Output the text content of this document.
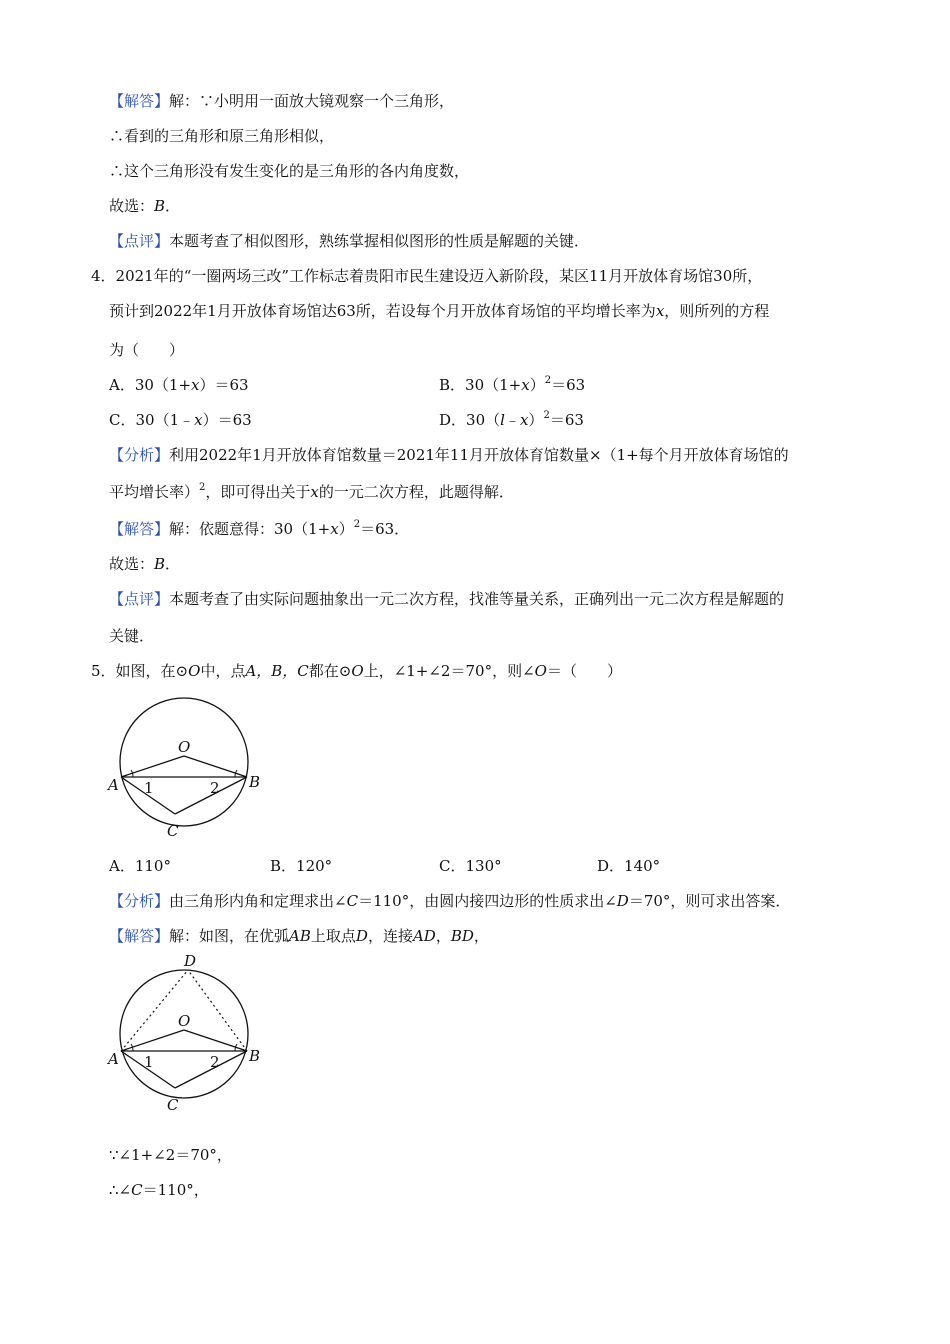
【解答】解：∵小明用一面放大镜观察一个三角形，
∴看到的三角形和原三角形相似，
∴这个三角形没有发生变化的是三角形的各内角度数，
故选：B．
【点评】本题考查了相似图形，熟练掌握相似图形的性质是解题的关键．
4．2021年的“一圈两场三改”工作标志着贵阳市民生建设迈入新阶段，某区11月开放体育场馆30所，
预计到2022年1月开放体育场馆达63所，若设每个月开放体育场馆的平均增长率为x，则所列的方程
为（　　）
A．30（1+x）＝63	B．$30(1+x)^2=63$
C．30（1﹣x）＝63	D．30（l﹣x）$^2$＝63
【分析】利用2022年1月开放体育馆数量＝2021年11月开放体育馆数量×（1+每个月开放体育场馆的
平均增长率）$^2$，即可得出关于x的一元二次方程，此题得解．
【解答】解：依题意得：$30(1+x)^2=63$．
故选：B．
【点评】本题考查了由实际问题抽象出一元二次方程，找准等量关系，正确列出一元二次方程是解题的
关键．
5．如图，在⊙O中，点A，B，C都在⊙O上，∠1+∠2＝70°，则∠O＝（　　）
O
A	B
C
1	2
A．110°	B．120°	C．130°	D．140°
【分析】由三角形内角和定理求出∠C＝110°，由圆内接四边形的性质求出∠D＝70°，则可求出答案．
【解答】解：如图，在优弧AB上取点D，连接AD，BD，
D
O
A	B
C
1	2
∵∠1+∠2＝70°，
∴∠C＝110°，
